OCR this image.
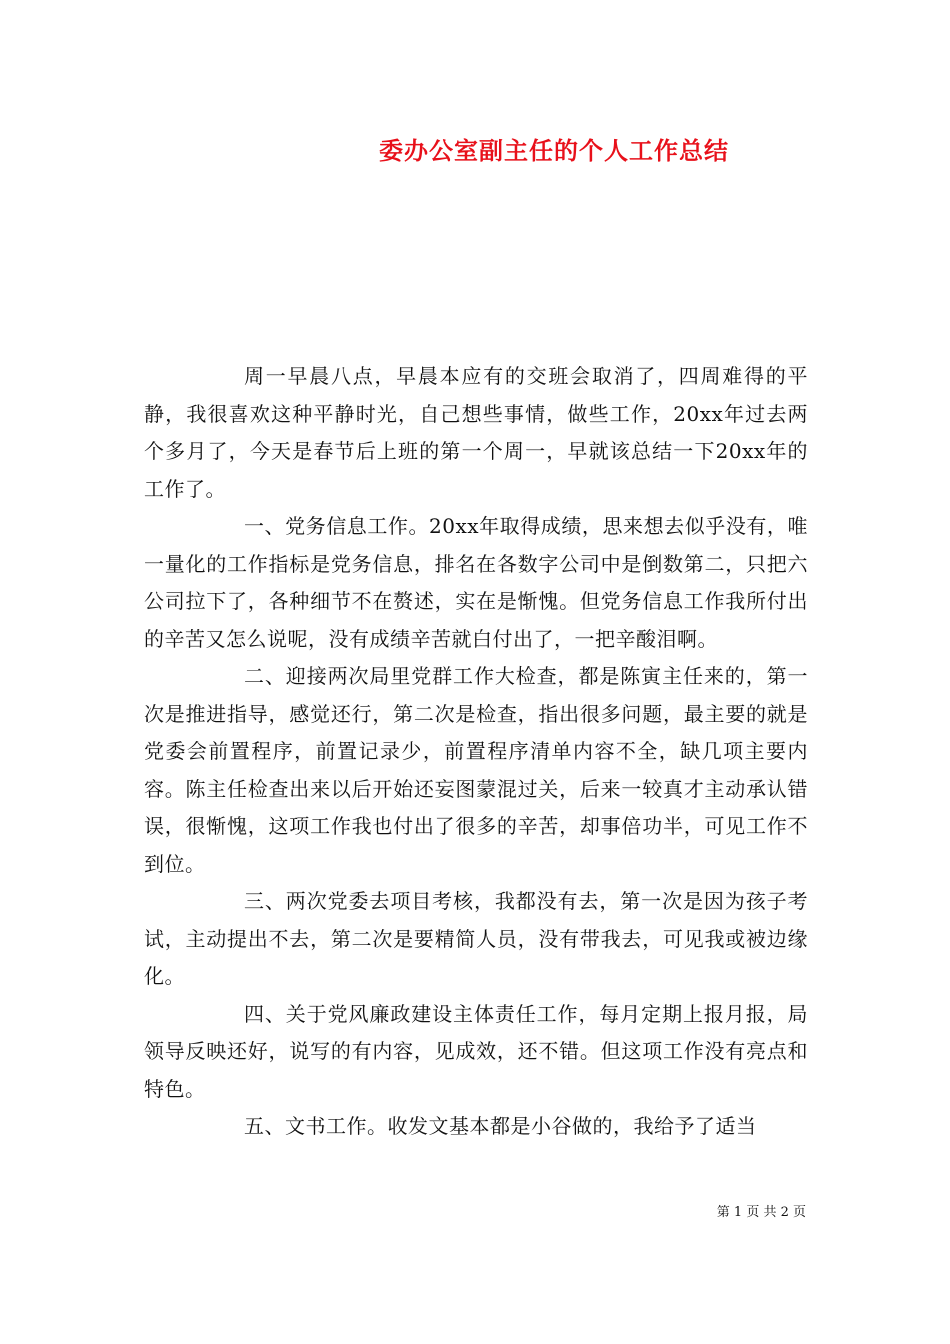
委办公室副主任的个人工作总结

周一早晨八点，早晨本应有的交班会取消了，四周难得的平静，我很喜欢这种平静时光，自己想些事情，做些工作，20xx年过去两个多月了，今天是春节后上班的第一个周一，早就该总结一下20xx年的工作了。

一、党务信息工作。20xx年取得成绩，思来想去似乎没有，唯一量化的工作指标是党务信息，排名在各数字公司中是倒数第二，只把六公司拉下了，各种细节不在赘述，实在是惭愧。但党务信息工作我所付出的辛苦又怎么说呢，没有成绩辛苦就白付出了，一把辛酸泪啊。

二、迎接两次局里党群工作大检查，都是陈寅主任来的，第一次是推进指导，感觉还行，第二次是检查，指出很多问题，最主要的就是党委会前置程序，前置记录少，前置程序清单内容不全，缺几项主要内容。陈主任检查出来以后开始还妄图蒙混过关，后来一较真才主动承认错误，很惭愧，这项工作我也付出了很多的辛苦，却事倍功半，可见工作不到位。

三、两次党委去项目考核，我都没有去，第一次是因为孩子考试，主动提出不去，第二次是要精简人员，没有带我去，可见我或被边缘化。

四、关于党风廉政建设主体责任工作，每月定期上报月报，局领导反映还好，说写的有内容，见成效，还不错。但这项工作没有亮点和特色。

五、文书工作。收发文基本都是小谷做的，我给予了适当

第 1 页 共 2 页
